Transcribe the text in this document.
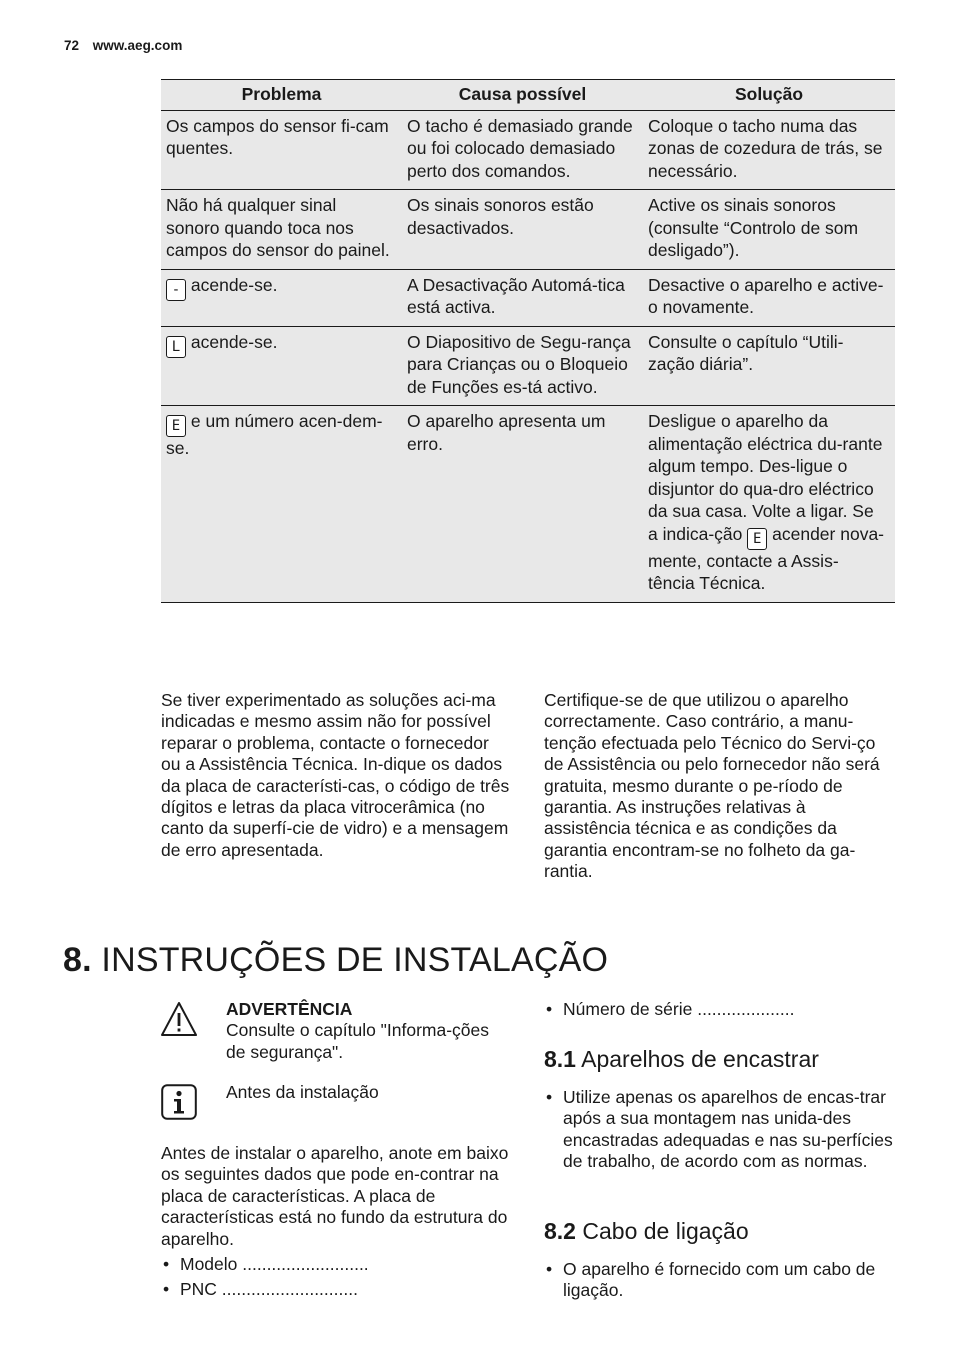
72 www.aeg.com
Problema	Causa possível	Solução
Os campos do sensor fi-cam quentes.	O tacho é demasiado grande ou foi colocado demasiado perto dos comandos.	Coloque o tacho numa das zonas de cozedura de trás, se necessário.
Não há qualquer sinal sonoro quando toca nos campos do sensor do painel.	Os sinais sonoros estão desactivados.	Active os sinais sonoros (consulte “Controlo de som desligado”).
- acende-se.	A Desactivação Automá-tica está activa.	Desactive o aparelho e active-o novamente.
L acende-se.	O Diapositivo de Segu-rança para Crianças ou o Bloqueio de Funções es-tá activo.	Consulte o capítulo “Utili-zação diária”.
E e um número acen-dem-se.	O aparelho apresenta um erro.	Desligue o aparelho da alimentação eléctrica du-rante algum tempo. Des-ligue o disjuntor do qua-dro eléctrico da sua casa. Volte a ligar. Se a indica-ção E acender nova-mente, contacte a Assis-tência Técnica.
Se tiver experimentado as soluções aci-ma indicadas e mesmo assim não for possível reparar o problema, contacte o fornecedor ou a Assistência Técnica. In-dique os dados da placa de característi-cas, o código de três dígitos e letras da placa vitrocerâmica (no canto da superfí-cie de vidro) e a mensagem de erro apresentada.
Certifique-se de que utilizou o aparelho correctamente. Caso contrário, a manu-tenção efectuada pelo Técnico do Servi-ço de Assistência ou pelo fornecedor não será gratuita, mesmo durante o pe-ríodo de garantia. As instruções relativas à assistência técnica e as condições da garantia encontram-se no folheto da ga-rantia.
8. INSTRUÇÕES DE INSTALAÇÃO
ADVERTÊNCIA
Consulte o capítulo "Informa-ções de segurança".
Antes da instalação
Antes de instalar o aparelho, anote em baixo os seguintes dados que pode en-contrar na placa de características. A placa de características está no fundo da estrutura do aparelho.
• Modelo ..........................
• PNC ............................
• Número de série ....................
8.1 Aparelhos de encastrar
• Utilize apenas os aparelhos de encas-trar após a sua montagem nas unida-des encastradas adequadas e nas su-perfícies de trabalho, de acordo com as normas.
8.2 Cabo de ligação
• O aparelho é fornecido com um cabo de ligação.
